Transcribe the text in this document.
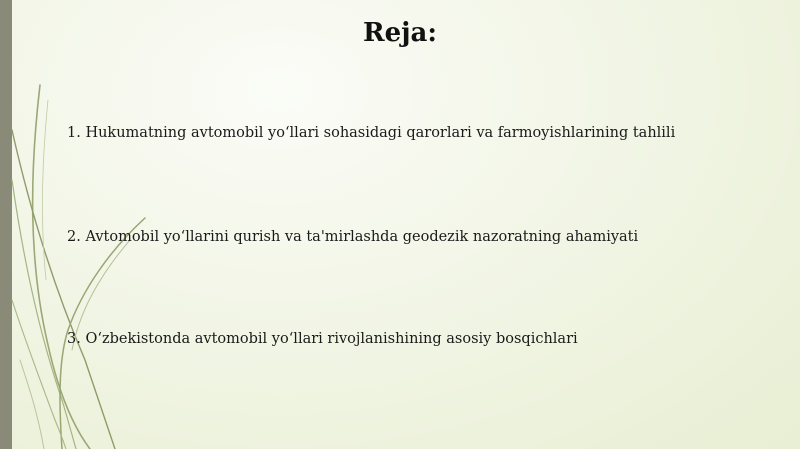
Reja:
1. Hukumatning avtomobil yo‘llari sohasidagi qarorlari va farmoyishlarining tahlili
2. Avtomobil yo‘llarini qurish va ta'mirlashda geodezik nazoratning ahamiyati
3. O‘zbekistonda avtomobil yo‘llari rivojlanishining asosiy bosqichlari
